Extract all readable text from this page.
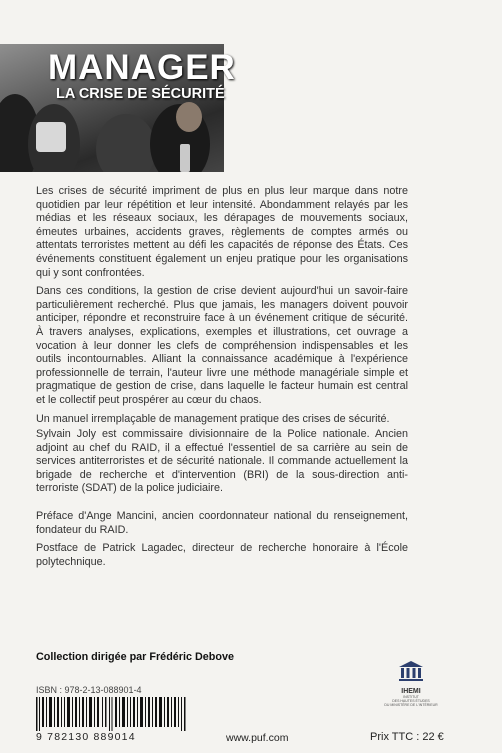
MANAGER
LA CRISE DE SÉCURITÉ

Les crises de sécurité impriment de plus en plus leur marque dans notre quotidien par leur répétition et leur intensité. Abondamment relayés par les médias et les réseaux sociaux, les dérapages de mouvements sociaux, émeutes urbaines, accidents graves, règlements de comptes armés ou attentats terroristes mettent au défi les capacités de réponse des États. Ces événements constituent également un enjeu pratique pour les organisations qui y sont confrontées.

Dans ces conditions, la gestion de crise devient aujourd'hui un savoir-faire particulièrement recherché. Plus que jamais, les managers doivent pouvoir anticiper, répondre et reconstruire face à un événement critique de sécurité. À travers analyses, explications, exemples et illustrations, cet ouvrage a vocation à leur donner les clefs de compréhension indispensables et les outils incontournables. Alliant la connaissance académique à l'expérience professionnelle de terrain, l'auteur livre une méthode managériale simple et pragmatique de gestion de crise, dans laquelle le facteur humain est central et le collectif peut prospérer au cœur du chaos.

Un manuel irremplaçable de management pratique des crises de sécurité.

Sylvain Joly est commissaire divisionnaire de la Police nationale. Ancien adjoint au chef du RAID, il a effectué l'essentiel de sa carrière au sein de services antiterroristes et de sécurité nationale. Il commande actuellement la brigade de recherche et d'intervention (BRI) de la sous-direction anti-terroriste (SDAT) de la police judiciaire.

Préface d'Ange Mancini, ancien coordonnateur national du renseignement, fondateur du RAID.

Postface de Patrick Lagadec, directeur de recherche honoraire à l'École polytechnique.

Collection dirigée par Frédéric Debove
ISBN : 978-2-13-088901-4
9 782130 889014	www.puf.com	Prix TTC : 22 €
IHEMI
INSTITUT
DES HAUTES ÉTUDES
DU MINISTÈRE DE L'INTÉRIEUR
